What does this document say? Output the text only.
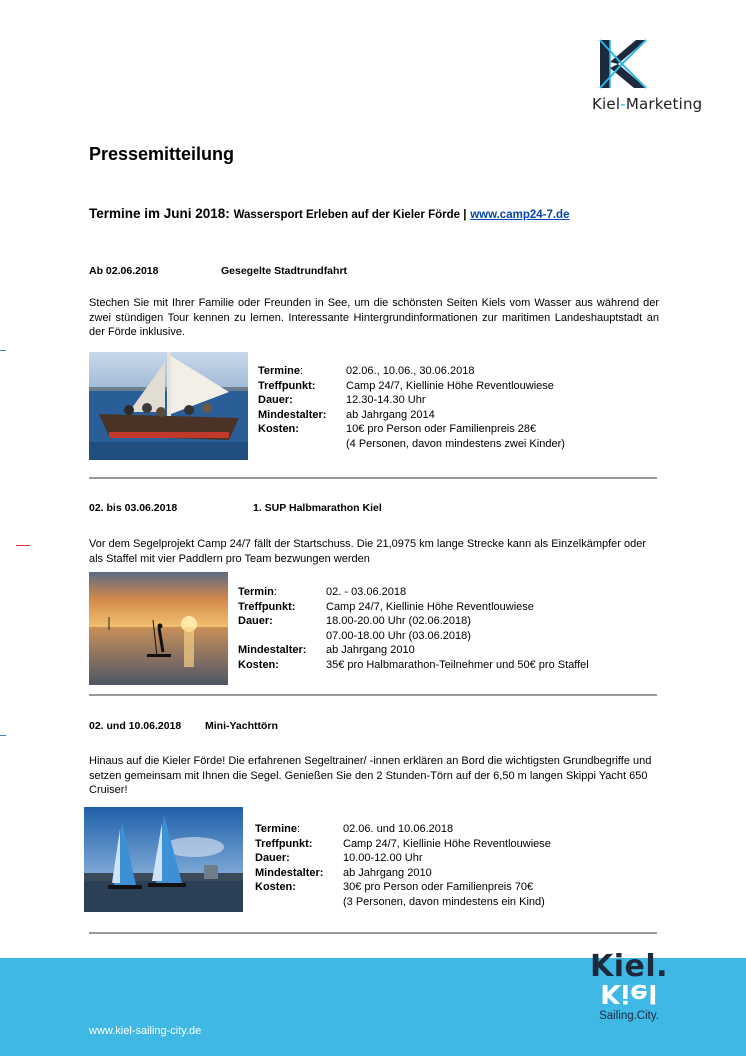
Kiel-Marketing
Pressemitteilung
Termine im Juni 2018: Wassersport Erleben auf der Kieler Förde | www.camp24-7.de
Ab 02.06.2018	Gesegelte Stadtrundfahrt
Stechen Sie mit Ihrer Familie oder Freunden in See, um die schönsten Seiten Kiels vom Wasser aus während der zwei stündigen Tour kennen zu lernen. Interessante Hintergrundinformationen zur maritimen Landeshauptstadt an der Förde inklusive.
Termine:	02.06., 10.06., 30.06.2018
Treffpunkt:	Camp 24/7, Kiellinie Höhe Reventlouwiese
Dauer:	12.30-14.30 Uhr
Mindestalter:	ab Jahrgang 2014
Kosten:	10€ pro Person oder Familienpreis 28€
(4 Personen, davon mindestens zwei Kinder)
02. bis 03.06.2018	1. SUP Halbmarathon Kiel
Vor dem Segelprojekt Camp 24/7 fällt der Startschuss. Die 21,0975 km lange Strecke kann als Einzelkämpfer oder als Staffel mit vier Paddlern pro Team bezwungen werden
Termin:	02. - 03.06.2018
Treffpunkt:	Camp 24/7, Kiellinie Höhe Reventlouwiese
Dauer:	18.00-20.00 Uhr (02.06.2018)
07.00-18.00 Uhr (03.06.2018)
Mindestalter:	ab Jahrgang 2010
Kosten:	35€ pro Halbmarathon-Teilnehmer und 50€ pro Staffel
02. und 10.06.2018 Mini-Yachttörn
Hinaus auf die Kieler Förde! Die erfahrenen Segeltrainer/ -innen erklären an Bord die wichtigsten Grundbegriffe und setzen gemeinsam mit Ihnen die Segel. Genießen Sie den 2 Stunden-Törn auf der 6,50 m langen Skippi Yacht 650 Cruiser!
Termine:	02.06. und 10.06.2018
Treffpunkt:	Camp 24/7, Kiellinie Höhe Reventlouwiese
Dauer:	10.00-12.00 Uhr
Mindestalter:	ab Jahrgang 2010
Kosten:	30€ pro Person oder Familienpreis 70€
(3 Personen, davon mindestens ein Kind)
www.kiel-sailing-city.de
Kiel.
Kiel
Sailing.City.
